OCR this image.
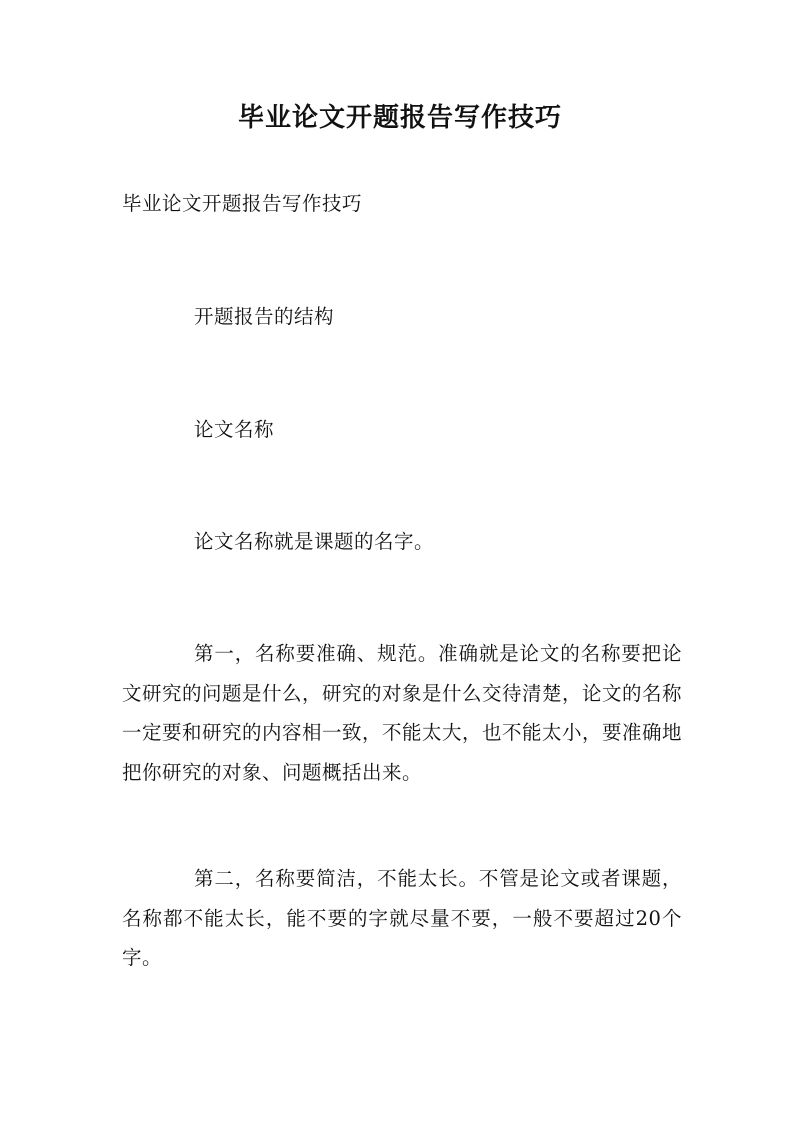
毕业论文开题报告写作技巧
毕业论文开题报告写作技巧
开题报告的结构
论文名称
论文名称就是课题的名字。
第一，名称要准确、规范。准确就是论文的名称要把论文研究的问题是什么，研究的对象是什么交待清楚，论文的名称一定要和研究的内容相一致，不能太大，也不能太小，要准确地把你研究的对象、问题概括出来。
第二，名称要简洁，不能太长。不管是论文或者课题，名称都不能太长，能不要的字就尽量不要，一般不要超过20个字。
